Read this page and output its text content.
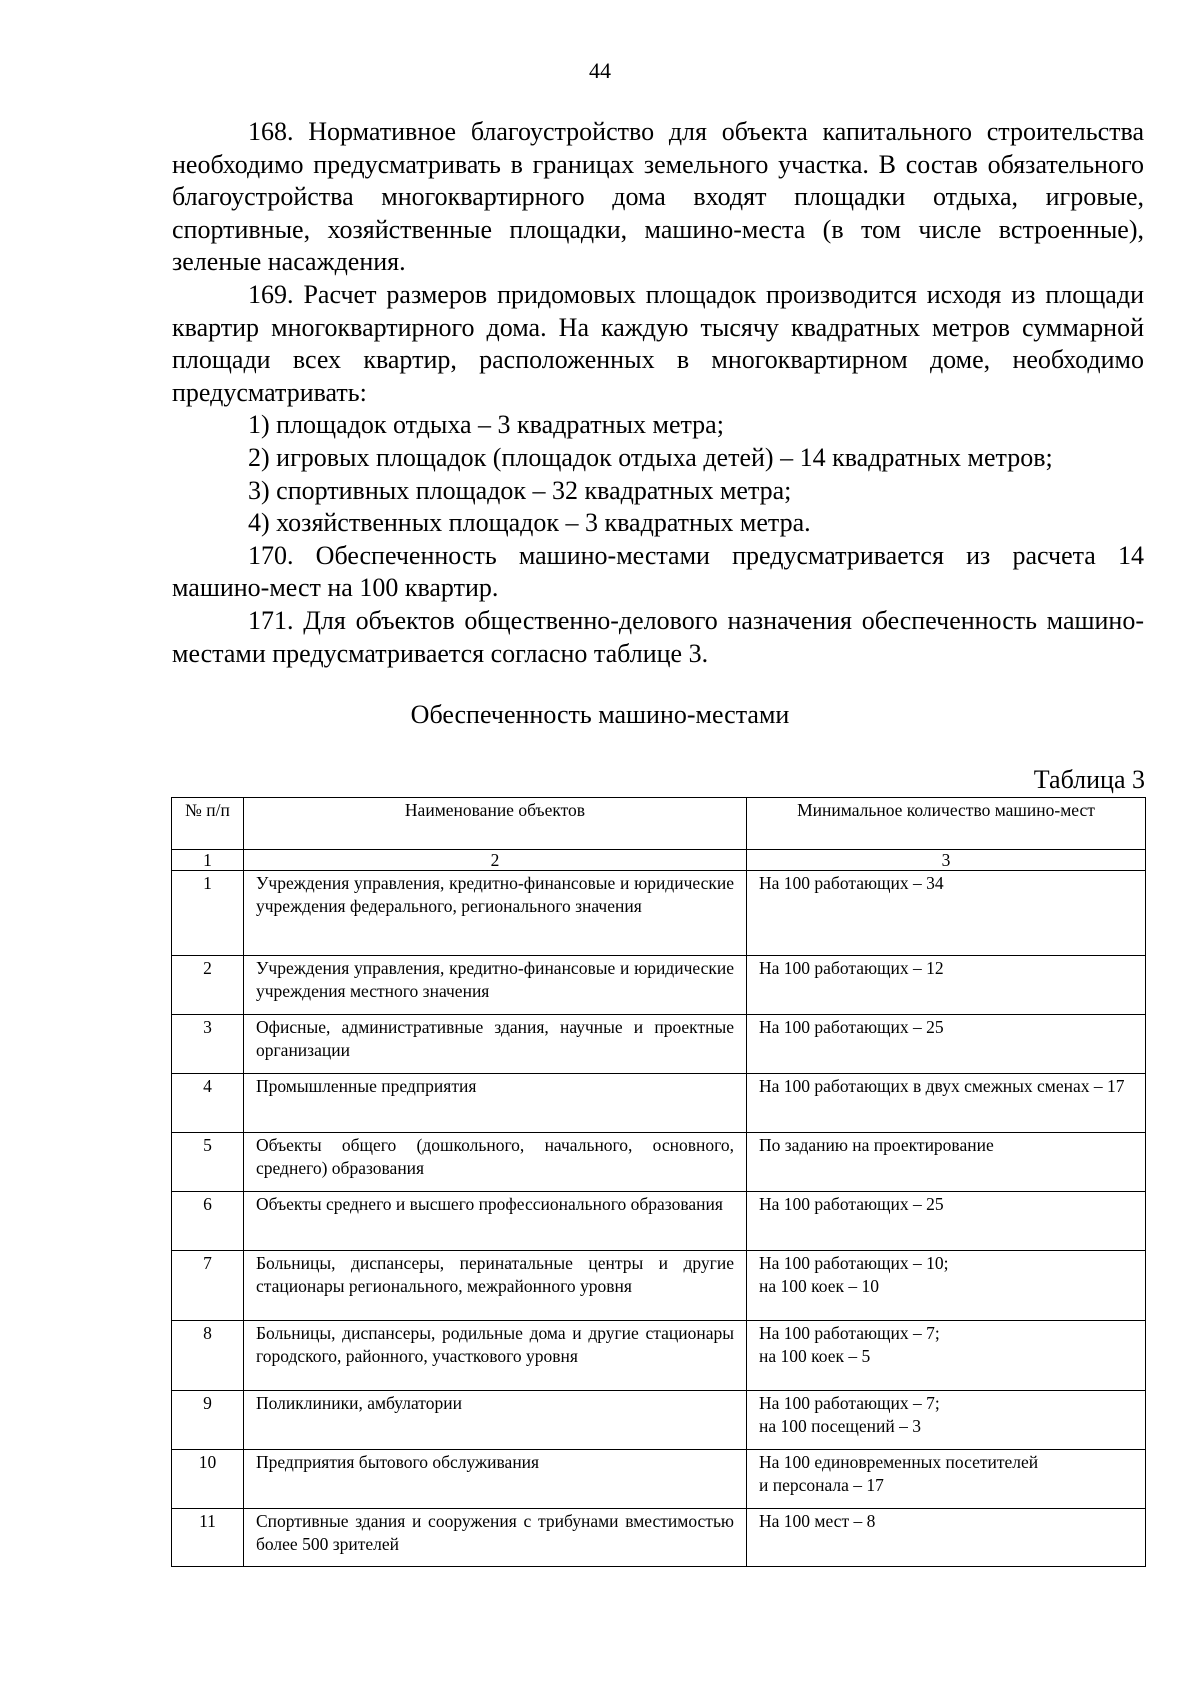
44

168. Нормативное благоустройство для объекта капитального строительства необходимо предусматривать в границах земельного участка. В состав обязательного благоустройства многоквартирного дома входят площадки отдыха, игровые, спортивные, хозяйственные площадки, машино-места (в том числе встроенные), зеленые насаждения.

169. Расчет размеров придомовых площадок производится исходя из площади квартир многоквартирного дома. На каждую тысячу квадратных метров суммарной площади всех квартир, расположенных в многоквартирном доме, необходимо предусматривать:

1) площадок отдыха – 3 квадратных метра;

2) игровых площадок (площадок отдыха детей) – 14 квадратных метров;

3) спортивных площадок – 32 квадратных метра;

4) хозяйственных площадок – 3 квадратных метра.

170. Обеспеченность машино-местами предусматривается из расчета 14 машино-мест на 100 квартир.

171. Для объектов общественно-делового назначения обеспеченность машино-местами предусматривается согласно таблице 3.

Обеспеченность машино-местами
Таблица 3
№ п/п	Наименование объектов	Минимальное количество машино-мест
1	2	3
1	Учреждения управления, кредитно-финансовые и юридические учреждения федерального, регионального значения	На 100 работающих – 34

2	Учреждения управления, кредитно-финансовые и юридические учреждения местного значения	На 100 работающих – 12

3	Офисные, административные здания, научные и проектные организации	На 100 работающих – 25

4	Промышленные предприятия	На 100 работающих в двух смежных сменах – 17

5	Объекты общего (дошкольного, начального, основного, среднего) образования	По заданию на проектирование

6	Объекты среднего и высшего профессионального образования	На 100 работающих – 25

7	Больницы, диспансеры, перинатальные центры и другие стационары регионального, межрайонного уровня	На 100 работающих – 10;
на 100 коек – 10

8	Больницы, диспансеры, родильные дома и другие стационары городского, районного, участкового уровня	На 100 работающих – 7;
на 100 коек – 5

9	Поликлиники, амбулатории	На 100 работающих – 7;
на 100 посещений – 3

10	Предприятия бытового обслуживания	На 100 единовременных посетителей
и персонала – 17

11	Спортивные здания и сооружения с трибунами вместимостью более 500 зрителей	На 100 мест – 8
